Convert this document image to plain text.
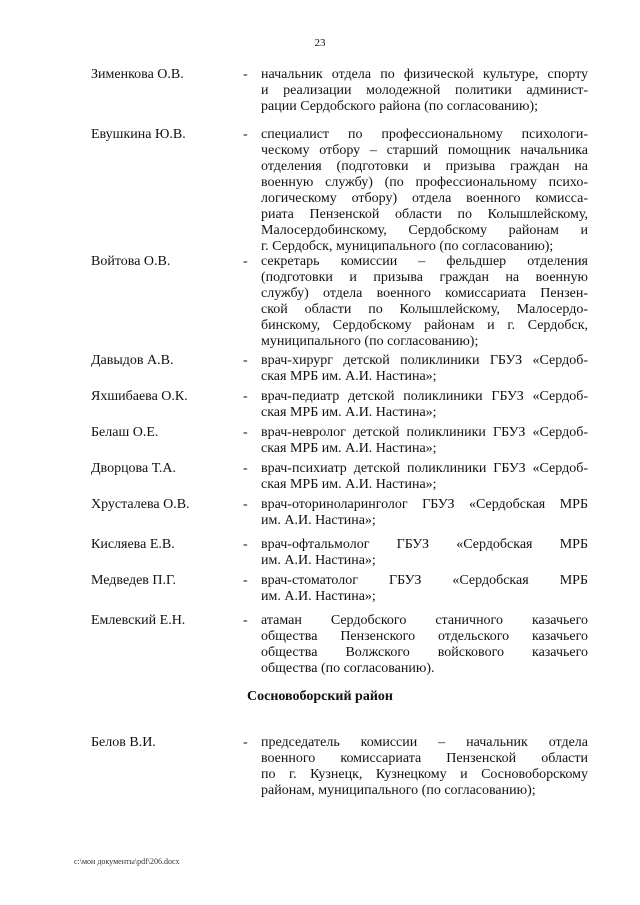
23
Зименкова О.В.	- начальник отдела по физической культуре, спорту
и реализации молодежной политики админист-
рации Сердобского района (по согласованию);
Евушкина Ю.В.	- специалист по профессиональному психологи-
ческому отбору – старший помощник начальника
отделения (подготовки и призыва граждан на
военную службу) (по профессиональному психо-
логическому отбору) отдела военного комисса-
риата Пензенской области по Колышлейскому,
Малосердобинскому, Сердобскому районам и
г. Сердобск, муниципального (по согласованию);
Войтова О.В.	- секретарь комиссии – фельдшер отделения
(подготовки и призыва граждан на военную
службу) отдела военного комиссариата Пензен-
ской области по Колышлейскому, Малосердо-
бинскому, Сердобскому районам и г. Сердобск,
муниципального (по согласованию);
Давыдов А.В.	- врач-хирург детской поликлиники ГБУЗ «Сердоб-
ская МРБ им. А.И. Настина»;
Яхшибаева О.К.	- врач-педиатр детской поликлиники ГБУЗ «Сердоб-
ская МРБ им. А.И. Настина»;
Белаш О.Е.	- врач-невролог детской поликлиники ГБУЗ «Сердоб-
ская МРБ им. А.И. Настина»;
Дворцова Т.А.	- врач-психиатр детской поликлиники ГБУЗ «Сердоб-
ская МРБ им. А.И. Настина»;
Хрусталева О.В.	- врач-оториноларинголог ГБУЗ «Сердобская МРБ
им. А.И. Настина»;
Кисляева Е.В.	- врач-офтальмолог ГБУЗ «Сердобская МРБ
им. А.И. Настина»;
Медведев П.Г.	- врач-стоматолог ГБУЗ «Сердобская МРБ
им. А.И. Настина»;
Емлевский Е.Н.	- атаман Сердобского станичного казачьего
общества Пензенского отдельского казачьего
общества Волжского войскового казачьего
общества (по согласованию).
Сосновоборский район
Белов В.И.	- председатель комиссии – начальник отдела
военного комиссариата Пензенской области
по г. Кузнецк, Кузнецкому и Сосновоборскому
районам, муниципального (по согласованию);
c:\мои документы\pdf\206.docx
